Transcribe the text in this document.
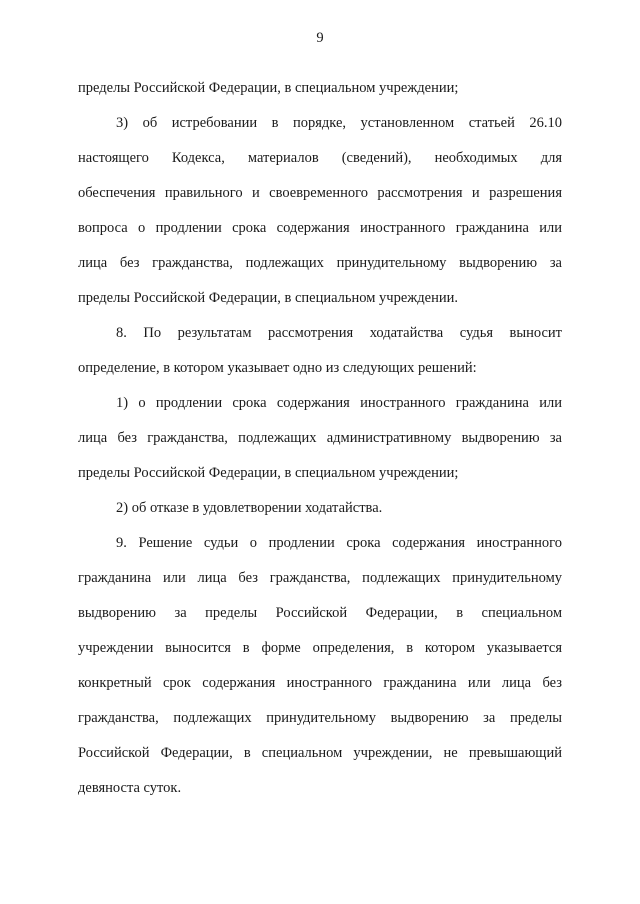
9
пределы Российской Федерации, в специальном учреждении;
3) об истребовании в порядке, установленном статьей 26.10
настоящего Кодекса, материалов (сведений), необходимых для
обеспечения правильного и своевременного рассмотрения и разрешения
вопроса о продлении срока содержания иностранного гражданина или
лица без гражданства, подлежащих принудительному выдворению за
пределы Российской Федерации, в специальном учреждении.
8. По результатам рассмотрения ходатайства судья выносит
определение, в котором указывает одно из следующих решений:
1) о продлении срока содержания иностранного гражданина или
лица без гражданства, подлежащих административному выдворению за
пределы Российской Федерации, в специальном учреждении;
2) об отказе в удовлетворении ходатайства.
9. Решение судьи о продлении срока содержания иностранного
гражданина или лица без гражданства, подлежащих принудительному
выдворению за пределы Российской Федерации, в специальном
учреждении выносится в форме определения, в котором указывается
конкретный срок содержания иностранного гражданина или лица без
гражданства, подлежащих принудительному выдворению за пределы
Российской Федерации, в специальном учреждении, не превышающий
девяноста суток.
